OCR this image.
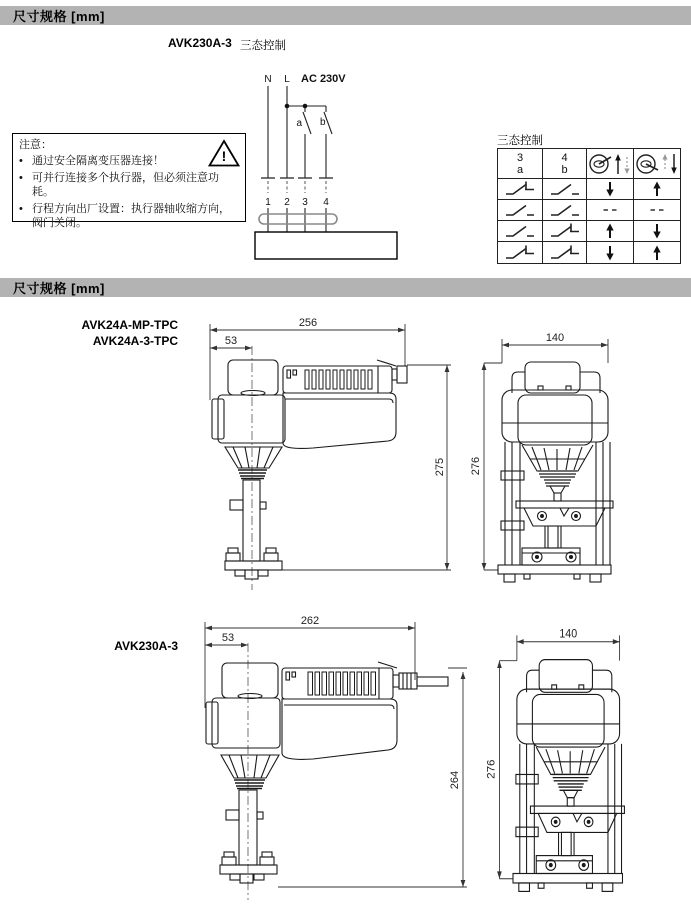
尺寸规格 [mm]
AVK230A-3 三态控制
N L AC 230V
a b
1 2 3 4
注意：
• 通过安全隔离变压器连接！
• 可并行连接多个执行器，但必须注意功耗。
• 行程方向出厂设置：执行器轴收缩方向，阀门关闭。
!
三态控制
3
a
4
b
尺寸规格 [mm]
AVK24A-MP-TPC
AVK24A-3-TPC
256
53
275
140
276
AVK230A-3
262
53
264
140
276
